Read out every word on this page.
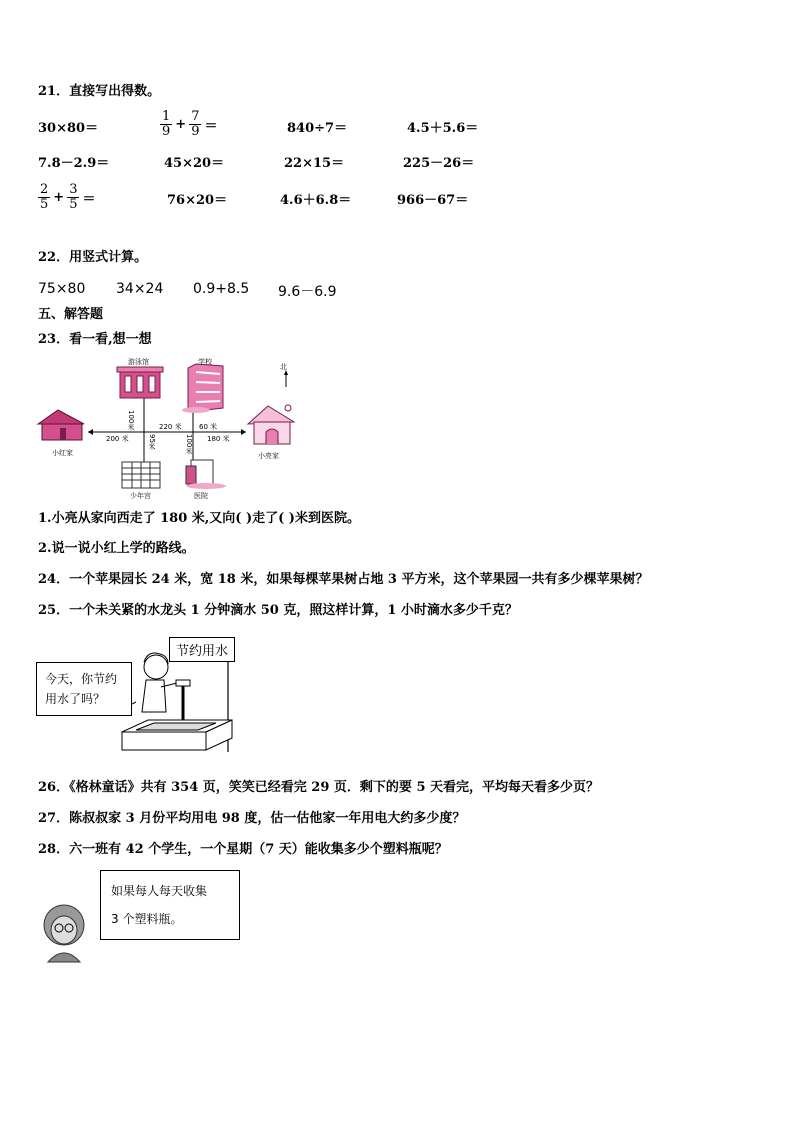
21．直接写出得数。
30×80＝	$\frac{1}{9} + \frac{7}{9}$ ＝	840÷7＝	4.5＋5.6＝
7.8－2.9＝	45×20＝	22×15＝	225－26＝
$\frac{2}{5} + \frac{3}{5}$ ＝	76×20＝	4.6＋6.8＝	966－67＝
22．用竖式计算。
75×80 34×24 0.9+8.5 9.6－6.9
五、解答题
23．看一看,想一想
游泳馆	学校
北
小红家	小亮家
少年宫	医院
200 米
220 米 60 米
180 米
100米
95米	100米
1.小亮从家向西走了 180 米,又向( )走了( )米到医院。
2.说一说小红上学的路线。
24．一个苹果园长 24 米，宽 18 米，如果每棵苹果树占地 3 平方米，这个苹果园一共有多少棵苹果树？
25．一个未关紧的水龙头 1 分钟滴水 50 克，照这样计算，1 小时滴水多少千克？
节约用水
今天，你节约
用水了吗？
26．《格林童话》共有 354 页，笑笑已经看完 29 页．剩下的要 5 天看完，平均每天看多少页？
27．陈叔叔家 3 月份平均用电 98 度，估一估他家一年用电大约多少度？
28．六一班有 42 个学生，一个星期（7 天）能收集多少个塑料瓶呢？
如果每人每天收集
3 个塑料瓶。
